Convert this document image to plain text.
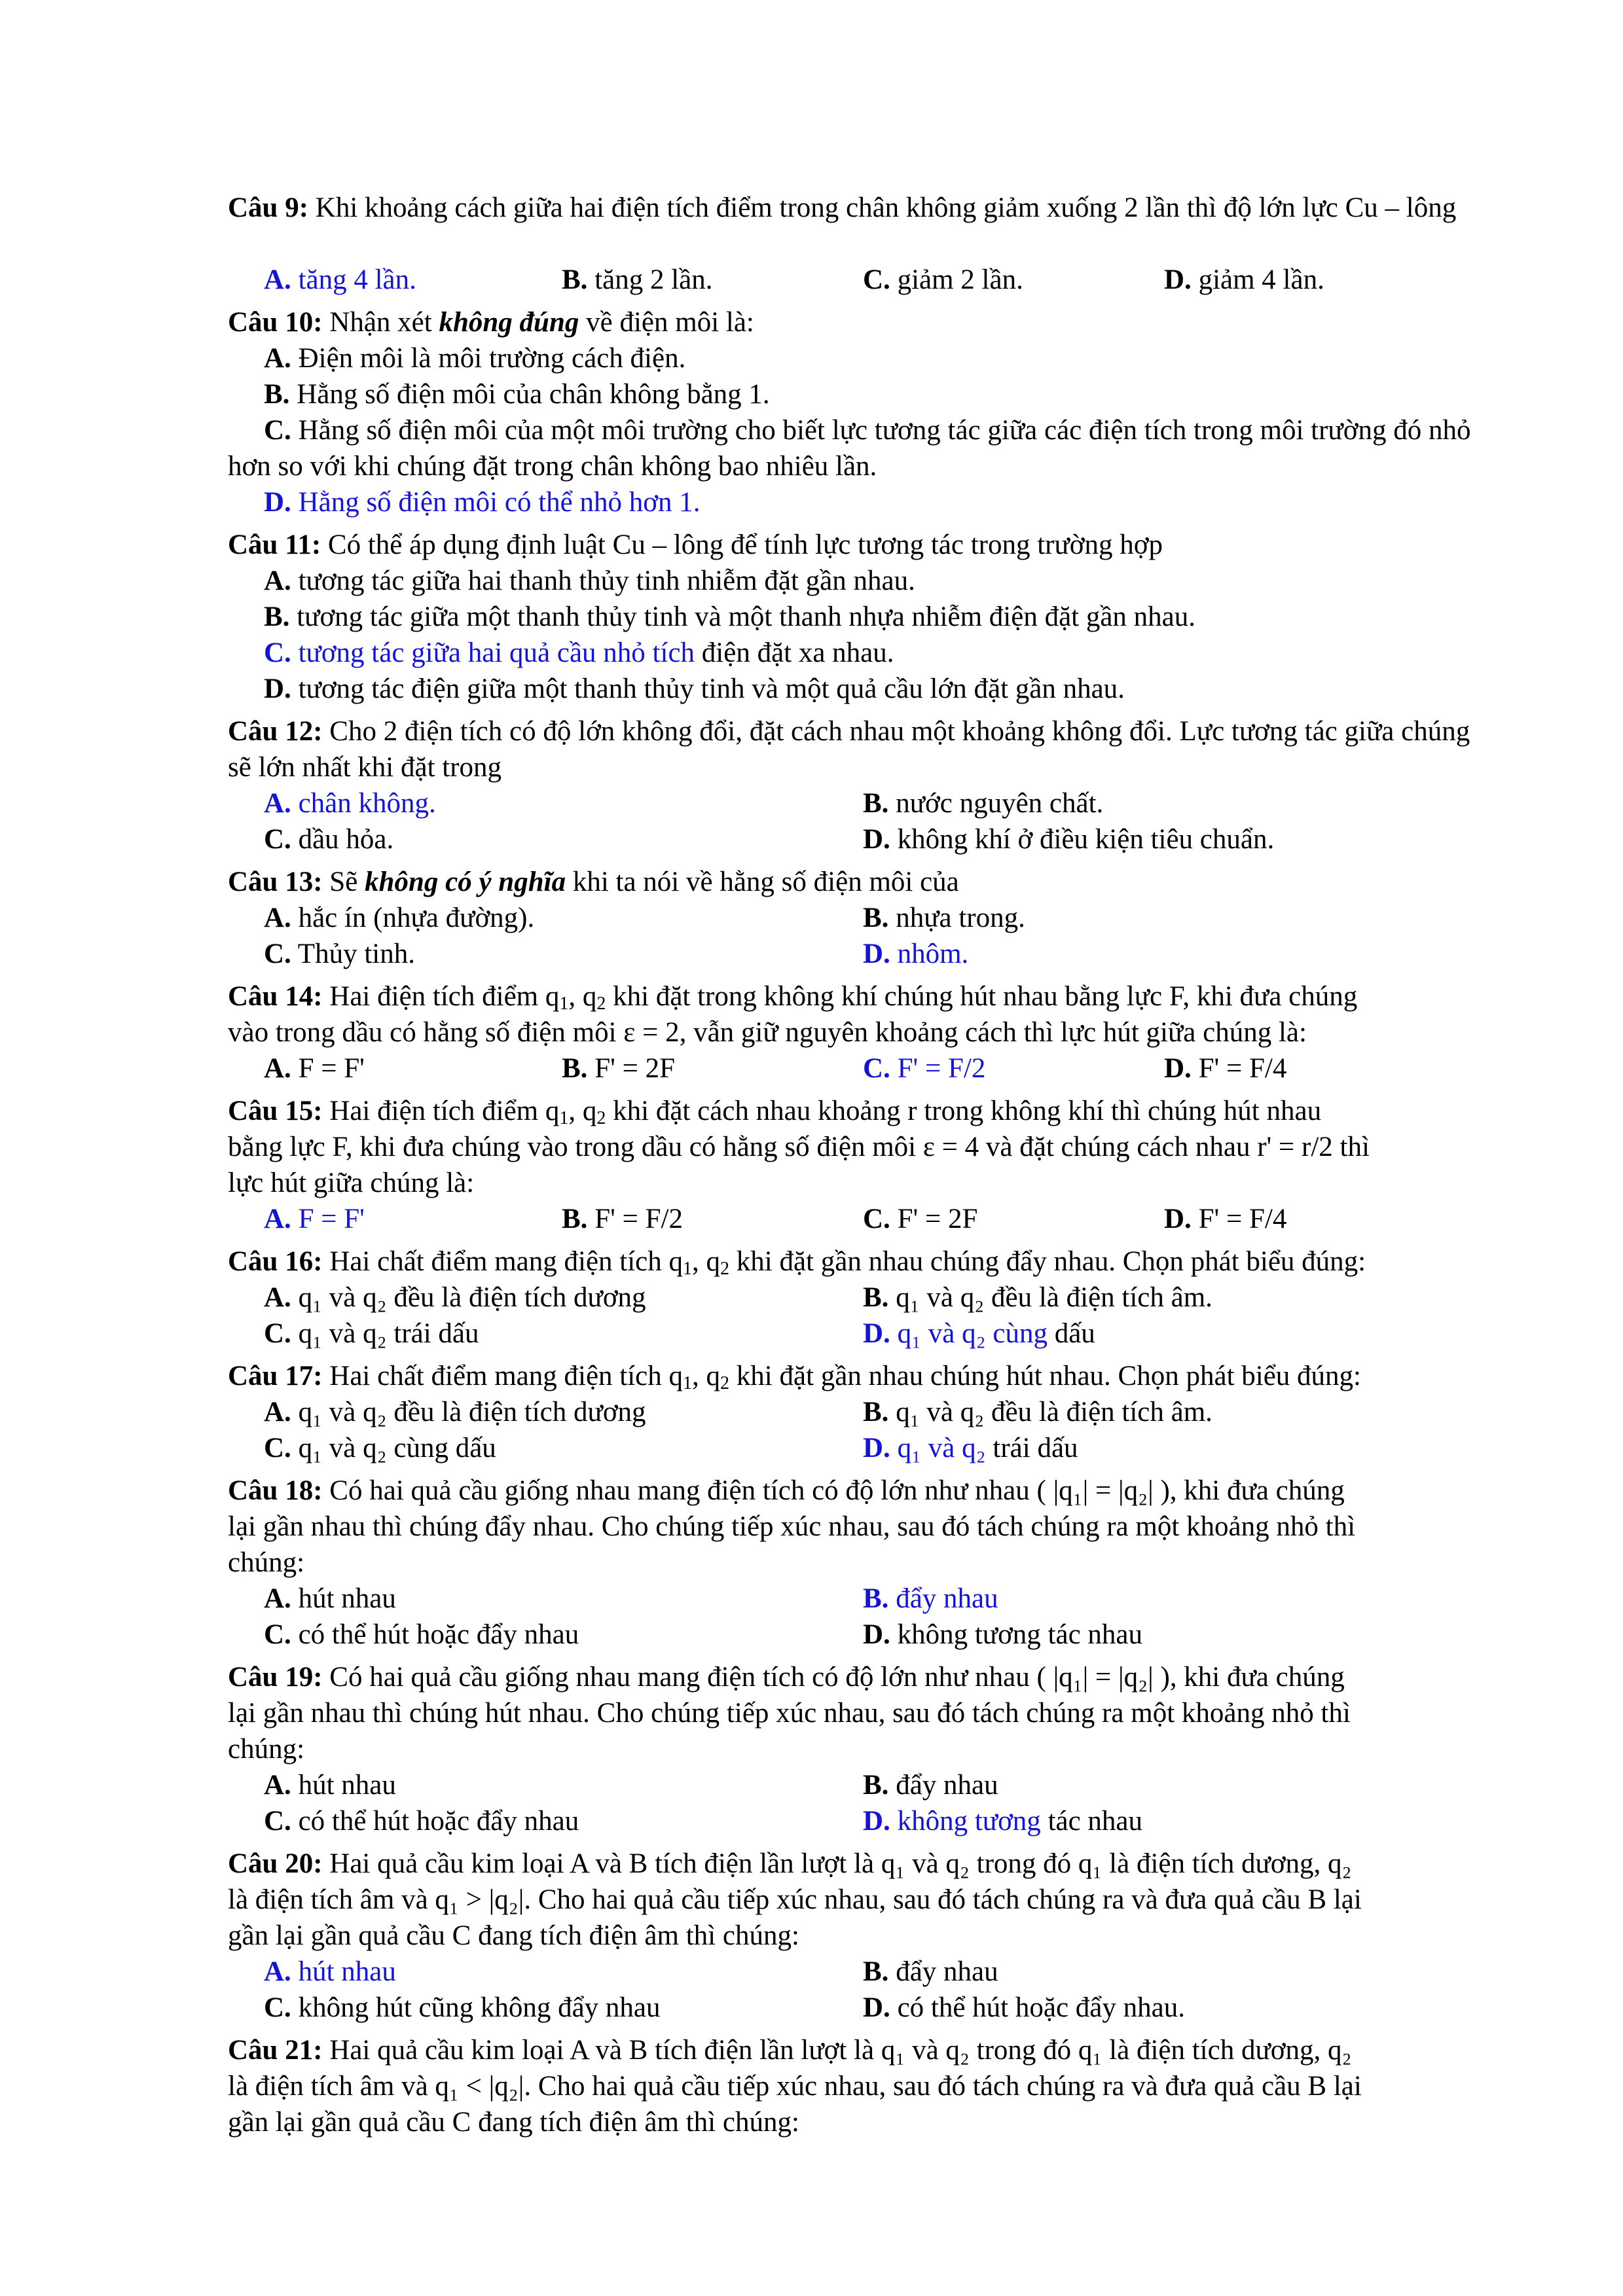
Câu 9: Khi khoảng cách giữa hai điện tích điểm trong chân không giảm xuống 2 lần thì độ lớn lực Cu – lông
A. tăng 4 lần.	B. tăng 2 lần.	C. giảm 2 lần.	D. giảm 4 lần.
Câu 10: Nhận xét không đúng về điện môi là:
A. Điện môi là môi trường cách điện.
B. Hằng số điện môi của chân không bằng 1.
C. Hằng số điện môi của một môi trường cho biết lực tương tác giữa các điện tích trong môi trường đó nhỏ hơn so với khi chúng đặt trong chân không bao nhiêu lần.
D. Hằng số điện môi có thể nhỏ hơn 1.
Câu 11: Có thể áp dụng định luật Cu – lông để tính lực tương tác trong trường hợp
A. tương tác giữa hai thanh thủy tinh nhiễm đặt gần nhau.
B. tương tác giữa một thanh thủy tinh và một thanh nhựa nhiễm điện đặt gần nhau.
C. tương tác giữa hai quả cầu nhỏ tích điện đặt xa nhau.
D. tương tác điện giữa một thanh thủy tinh và một quả cầu lớn đặt gần nhau.
Câu 12: Cho 2 điện tích có độ lớn không đổi, đặt cách nhau một khoảng không đổi. Lực tương tác giữa chúng sẽ lớn nhất khi đặt trong
A. chân không.	B. nước nguyên chất.
C. dầu hỏa.	D. không khí ở điều kiện tiêu chuẩn.
Câu 13: Sẽ không có ý nghĩa khi ta nói về hằng số điện môi của
A. hắc ín (nhựa đường).	B. nhựa trong.
C. Thủy tinh.	D. nhôm.
Câu 14: Hai điện tích điểm $q_1$, $q_2$ khi đặt trong không khí chúng hút nhau bằng lực F, khi đưa chúng
vào trong dầu có hằng số điện môi ε = 2, vẫn giữ nguyên khoảng cách thì lực hút giữa chúng là:
A. F = F'	B. F' = 2F	C. F' = F/2	D. F' = F/4
Câu 15: Hai điện tích điểm $q_1$, $q_2$ khi đặt cách nhau khoảng r trong không khí thì chúng hút nhau
bằng lực F, khi đưa chúng vào trong dầu có hằng số điện môi ε = 4 và đặt chúng cách nhau r' = r/2 thì
lực hút giữa chúng là:
A. F = F'	B. F' = F/2	C. F' = 2F	D. F' = F/4
Câu 16: Hai chất điểm mang điện tích $q_1$, $q_2$ khi đặt gần nhau chúng đẩy nhau. Chọn phát biểu đúng:
A. q₁ và q₂ đều là điện tích dương	B. q₁ và q₂ đều là điện tích âm.
C. q₁ và q₂ trái dấu	D. q₁ và q₂ cùng dấu
Câu 17: Hai chất điểm mang điện tích $q_1$, $q_2$ khi đặt gần nhau chúng hút nhau. Chọn phát biểu đúng:
A. q₁ và q₂ đều là điện tích dương	B. q₁ và q₂ đều là điện tích âm.
C. q₁ và q₂ cùng dấu	D. q₁ và q₂ trái dấu
Câu 18: Có hai quả cầu giống nhau mang điện tích có độ lớn như nhau ( |q₁| = |q₂| ), khi đưa chúng
lại gần nhau thì chúng đẩy nhau. Cho chúng tiếp xúc nhau, sau đó tách chúng ra một khoảng nhỏ thì
chúng:
A. hút nhau	B. đẩy nhau
C. có thể hút hoặc đẩy nhau	D. không tương tác nhau
Câu 19: Có hai quả cầu giống nhau mang điện tích có độ lớn như nhau ( |q₁| = |q₂| ), khi đưa chúng
lại gần nhau thì chúng hút nhau. Cho chúng tiếp xúc nhau, sau đó tách chúng ra một khoảng nhỏ thì
chúng:
A. hút nhau	B. đẩy nhau
C. có thể hút hoặc đẩy nhau	D. không tương tác nhau
Câu 20: Hai quả cầu kim loại A và B tích điện lần lượt là q₁ và q₂ trong đó q₁ là điện tích dương, q₂
là điện tích âm và q₁ > |q₂|. Cho hai quả cầu tiếp xúc nhau, sau đó tách chúng ra và đưa quả cầu B lại
gần lại gần quả cầu C đang tích điện âm thì chúng:
A. hút nhau	B. đẩy nhau
C. không hút cũng không đẩy nhau	D. có thể hút hoặc đẩy nhau.
Câu 21: Hai quả cầu kim loại A và B tích điện lần lượt là q₁ và q₂ trong đó q₁ là điện tích dương, q₂
là điện tích âm và q₁ < |q₂|. Cho hai quả cầu tiếp xúc nhau, sau đó tách chúng ra và đưa quả cầu B lại
gần lại gần quả cầu C đang tích điện âm thì chúng:
